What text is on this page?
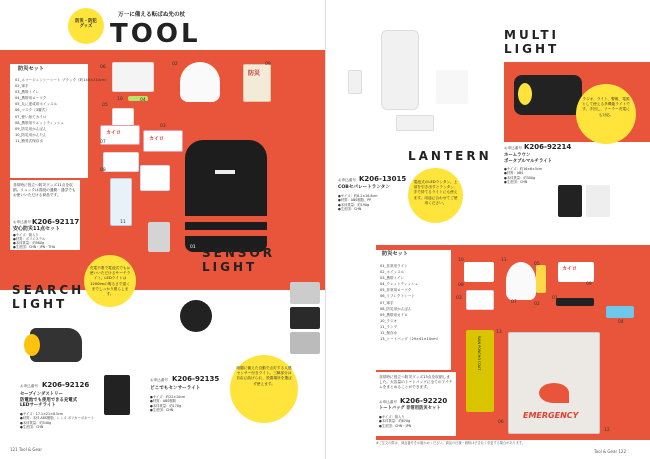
防災・防犯
グッズ
万一に備える転ばぬ先の杖
TOOL
防災セット
01_エマージェンシーシート ブラック（約140×210cm）
02_軍手
03_携帯トイレ
04_携帯用ローソク
05_丸に達成用ホイッスル
06_マスク（3層式）
07_使い捨てカイロ
08_携帯用ウエットティッシュ
09_防災用かんぱん
10_防災用かんたん
11_簡易式保存水
非常時に役立つ防災グッズ11点を収納。リュックは普段の通勤・通学でもお使いいただける商品です。
お申込番号 K206-92117
安心防災11点セット
●サイズ：箱入り
●材質：ポリエステル
●本体質量：約980g
●生産国：CHN・JPN・THA
防災
カイロ
カイロ
01
02
03
04
05
06
07
08
09
10
11
SEARCH
LIGHT
充電不要で電池式でもお使いいただけるサーチライト。LEDライトは1200lmの明るさで遠くまでしっかり照らします。
お申込番号 K206-92126
セーブインダストリー
防電池でも使用できる充電式
LEDサーチライト
●サイズ：17.1×21×8.5cm
●材質：本体 ABS樹脂、レンズ ポリカーボネート
●本体質量：約540g
●生産国：CHN
SENSOR
LIGHT
暗闇に備えた自動で点灯する人感センサー付きライト。三脚部分は自由に曲げられ、設置場所を選ばず使えます。
お申込番号 K206-92135
どこでもセンサーライト
●サイズ：約22×10cm
●材質：ABS樹脂
●本体質量：約170g
●生産国：CHN
121 Tool & Gear
LANTERN
お申込番号 K206-13015
COBセパレートランタン
●サイズ：約8.2×16.8cm
●材質：ABS樹脂、PP
●本体質量：約190g
●生産国：CHN
電池式のLEDランタン。上部を引き出すとランタン、手で持てるライトにも使えます。用途に合わせてご使用ください。
MULTI
LIGHT
ラジオ、ライト、警報、電源として使える多機能ライトです。手回し、ソーラー充電にも対応。
お申込番号 K206-92214
ホームラウン
ポータブルマルチライト
●サイズ：約16×6×5cm
●材質：ABS
●本体質量：約300g
●生産国：CHN
防災セット
01_非常用ライト
02_ホイッスル
03_携帯トイレ
04_ウェットティッシュ
05_非常用ローソク
06_リフレクトシート
07_軍手
08_防災用かんぱん
09_携帯用カイロ
10_ラジオ
11_ランプ
12_保存水
13_トートバッグ（29×41×10cm）
非常時に役立つ防災グッズ13点を収納しました。大容量のトートバッグに全てのアイテムをまとめることができます。
お申込番号 K206-92220
トートバッグ 非常用防災セット
●サイズ：箱入り
●本体質量：約670g
●生産国：CHN・JPN
カイロ
RAIN PONCHO COAT
EMERGENCY
01
02
03
04
05
06
07
08	09
10	11
12
13
※ご注文の際は、商品番号をお確かめください。商品の仕様・価格は予告なく変更する場合があります。
Tool & Gear 122
